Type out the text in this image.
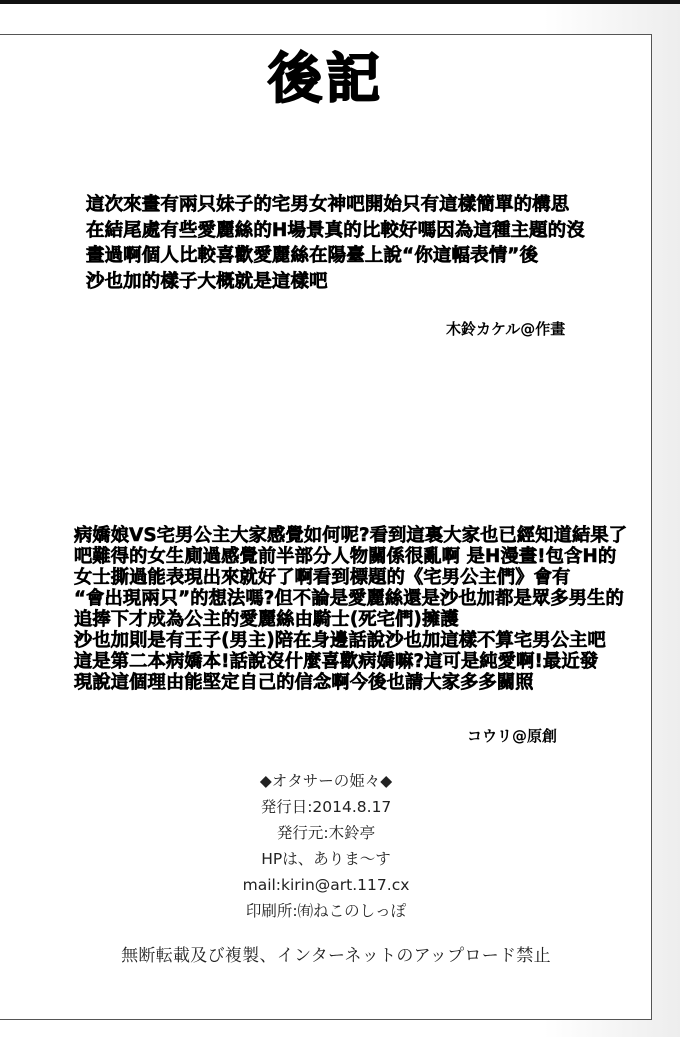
後記
這次來畫有兩只妹子的宅男女神吧開始只有這樣簡單的構思
在結尾處有些愛麗絲的H場景真的比較好嗎因為這種主題的沒
畫過啊個人比較喜歡愛麗絲在陽臺上說“你這幅表情”後
沙也加的樣子大概就是這樣吧
木鈴カケル@作畫
病嬌娘VS宅男公主大家感覺如何呢?看到這裏大家也已經知道結果了
吧難得的女生廁過感覺前半部分人物關係很亂啊 是H漫畫!包含H的
女士撕過能表現出來就好了啊看到標題的《宅男公主們》會有
“會出現兩只”的想法嗎?但不論是愛麗絲還是沙也加都是眾多男生的
追捧下才成為公主的愛麗絲由騎士(死宅們)擁護
沙也加則是有王子(男主)陪在身邊話說沙也加這樣不算宅男公主吧
這是第二本病嬌本!話說沒什麼喜歡病嬌嘛?這可是純愛啊!最近發
現說這個理由能堅定自己的信念啊今後也請大家多多關照
コウリ@原創
◆オタサーの姫々◆
発行日:2014.8.17
発行元:木鈴亭
HPは、ありま～す
mail:kirin@art.117.cx
印刷所:㈲ねこのしっぽ
無断転載及び複製、インターネットのアップロード禁止
